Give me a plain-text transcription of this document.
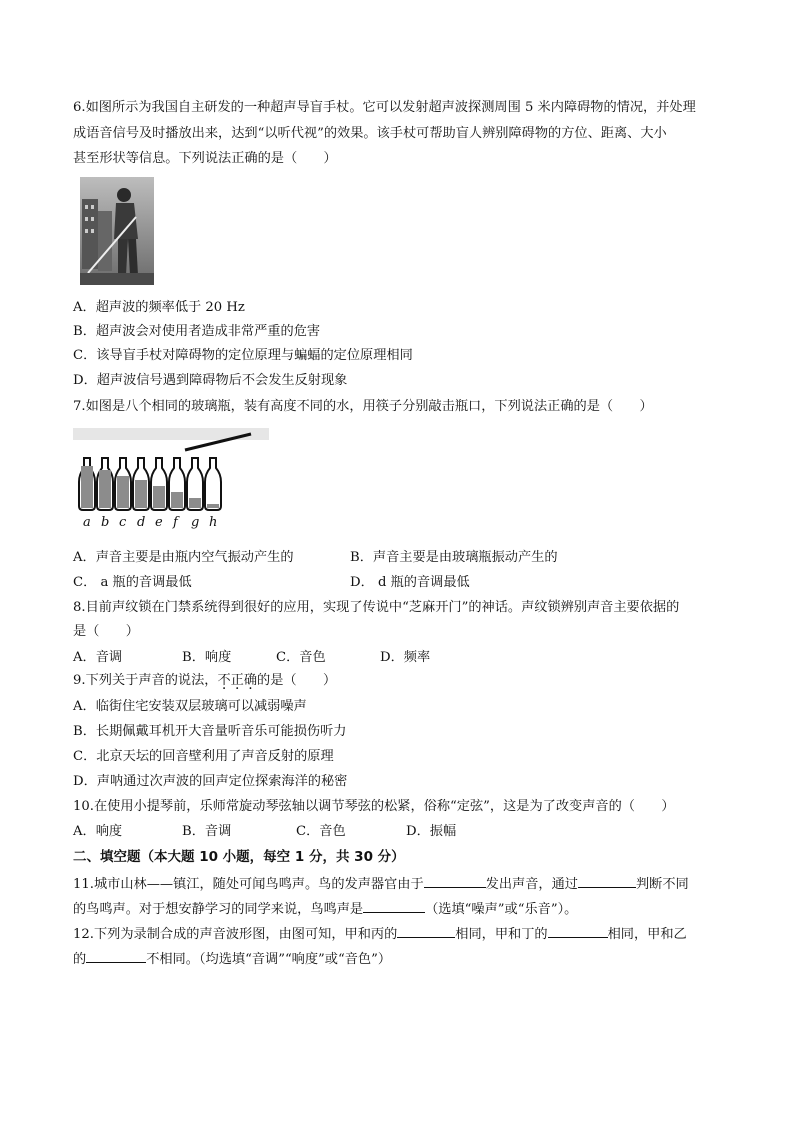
6.如图所示为我国自主研发的一种超声导盲手杖。它可以发射超声波探测周围 5 米内障碍物的情况，并处理
成语音信号及时播放出来，达到“以听代视”的效果。该手杖可帮助盲人辨别障碍物的方位、距离、大小
甚至形状等信息。下列说法正确的是（　　）
A．超声波的频率低于 20 Hz
B．超声波会对使用者造成非常严重的危害
C．该导盲手杖对障碍物的定位原理与蝙蝠的定位原理相同
D．超声波信号遇到障碍物后不会发生反射现象
7.如图是八个相同的玻璃瓶，装有高度不同的水，用筷子分别敲击瓶口，下列说法正确的是（　　）
a b c d e f g h
A．声音主要是由瓶内空气振动产生的	B．声音主要是由玻璃瓶振动产生的
C． a 瓶的音调最低	D． d 瓶的音调最低
8.目前声纹锁在门禁系统得到很好的应用，实现了传说中“芝麻开门”的神话。声纹锁辨别声音主要依据的
是（　　）
A．音调	B．响度	C．音色	D．频率
9.下列关于声音的说法，不正确的是（　　）
A．临街住宅安装双层玻璃可以减弱噪声
B．长期佩戴耳机开大音量听音乐可能损伤听力
C．北京天坛的回音壁利用了声音反射的原理
D．声呐通过次声波的回声定位探索海洋的秘密
10.在使用小提琴前，乐师常旋动琴弦轴以调节琴弦的松紧，俗称“定弦”，这是为了改变声音的（　　）
A．响度	B．音调	C．音色	D．振幅
二、填空题（本大题 10 小题，每空 1 分，共 30 分）
11.城市山林——镇江，随处可闻鸟鸣声。鸟的发声器官由于	发出声音，通过	判断不同
的鸟鸣声。对于想安静学习的同学来说，鸟鸣声是	（选填“噪声”或“乐音”）。
12.下列为录制合成的声音波形图，由图可知，甲和丙的	相同，甲和丁的	相同，甲和乙
的	不相同。（均选填“音调”“响度”或“音色”）
